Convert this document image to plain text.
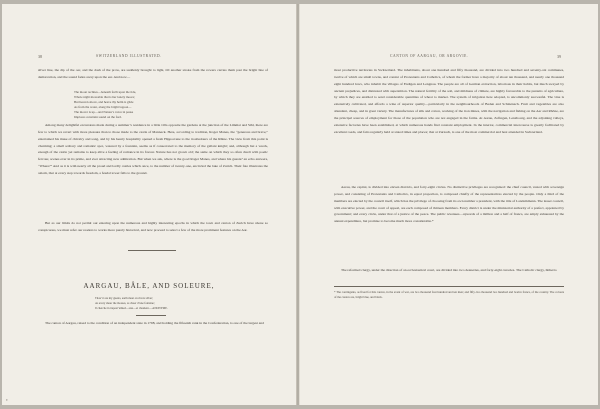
38	SWITZERLAND ILLUSTRATED.

silver line, the dip of the oar, and the dash of the prow, are suddenly brought to light, till another stroke from the rowers carries them past the bright line of demarcation, and the sound fades away upon the ear. And now—

The moon reclines—beneath forth upon the tide,
Whole night moveable that is her lonely moors;
But heaven above, and heave thy helm is glide
As from the water, along the bright lagoon—
The mover is up—and Nature’s voice in pause
Implores constrain sound on the ford.

Among many delightful excursions made during a summer’s residence in a little villa opposite the gardens at the junction of the Limmat and Sihl, there are few to which we revert with more pleasure than to those made to the castle of Manneck. Here, according to tradition, Roger Manes, the “generous and brave,” entertained his muse of chivalry and song, and by his hearty hospitality opened a fresh Hippocrene to the troubadours of the Rhine. The view from this point is charming; a small solitary and romantic spot, watered by a fountain, seems as if consecrated to the memory of the gallant knight; and, although but a wreck, enough of the castle yet remains to keep alive a feeling of romance in its favour. Nature has not grown old; the same on which they so often dwelt with poetic fervour, scenes ever in its prime, and ever attracting new admiration. But when we ask, where is the good Roger Manes, and where his guests? an echo answers, “Where?” And as it is with nearly all the proud and lordly castles which once, to the number of twenty-one, encircled the lake of Zurich. Their fate illustrates the axiom, that at every step towards freedom, a feudal tower falls to the ground.

But as our limits do not permit our entering upon the numerous and highly interesting epochs in which the town and canton of Zurich have shone so conspicuous, we must refer our readers to works more purely historical, and now proceed to select a few of the more prominent features on the Aar.

AARGAU, BÂLE, AND SOLEURE,
Thou’rt are my guests, earth meet on rivers silver;
As every sheer the mosses, as cheer d’une fontaine;
Il cherche in trapest’amied—stes—et chaulent.—ANONYME.

The canton of Aargau, raised to the condition of an independent state in 1798, and holding the fifteenth rank in the Confederation, is one of the largest and

E
CANTON OF AARGAU, OR ARGOVIE.	39

most productive territories in Switzerland. The inhabitants, about one hundred and fifty thousand, are divided into two hundred and seventy-six communes, twelve of which are small towns, and consist of Protestants and Catholics, of whom the former have a majority of about ten thousand, and nearly one thousand eight hundred Jews, who inhabit the villages of Endigen and Lengnau. The people are all of German extraction, laborious in their habits, but much swayed by ancient prejudices, and distrusted with superstition. The natural fertility of the soil, and mildness of climate, are highly favourable to the pursuits of agriculture, by which they are enabled to send considerable quantities of wheat to market. The system of irrigation here adopted, is uncommonly successful. The vine is extensively cultivated, and affords a wine of superior quality—particularly in the neighbourhoods of Baden and Schinznach. Fruit and vegetables are also abundant, cheap, and in great variety. The manufactures of silk and cotton, working of the iron mines, with the navigation and fishing on the Aar and Rhône, are the principal sources of employment for those of the population who are not engaged in the farms. At Aarau, Zofingen, Lenzbourg, and the adjoining valleys, extensive factories have been established, at which numerous hands find constant employment. In the interior, commercial intercourse is greatly facilitated by excellent roads, and fairs regularly held at stated times and places; that at Zurzach, is one of the most commercial and best attended in Switzerland.

Aarau, the capital, is divided into eleven districts, and forty-eight circles. No distinctive privileges are recognized: the chief council, vested with sovereign power, and consisting of Protestants and Catholics, in equal proportion, is composed chiefly of the representatives elected by the people. Only a third of the members are elected by the council itself, which has the privilege of choosing from its own number a president, with the title of Landammann. The lesser council, with executive power, and the court of appeal, are each composed of thirteen members. Every district is under the ministerial authority of a prefect, appointed by government; and every circle, under that of a justice of the peace. The public revenues—upwards of a million and a half of francs, are amply exhausted by the annual expenditure, but promise to become much more considerable.*

The reformed clergy, under the direction of an ecclesiastical court, are divided into two deaneries, and forty-eight curacies. The Catholic clergy, hitherto

* The contingents, as fixed for this canton, in the event of war, are two thousand four hundred and ten men; and fifty-two thousand two hundred and twelve francs, of the country. The colours of the canton are, bright blue, and black.
